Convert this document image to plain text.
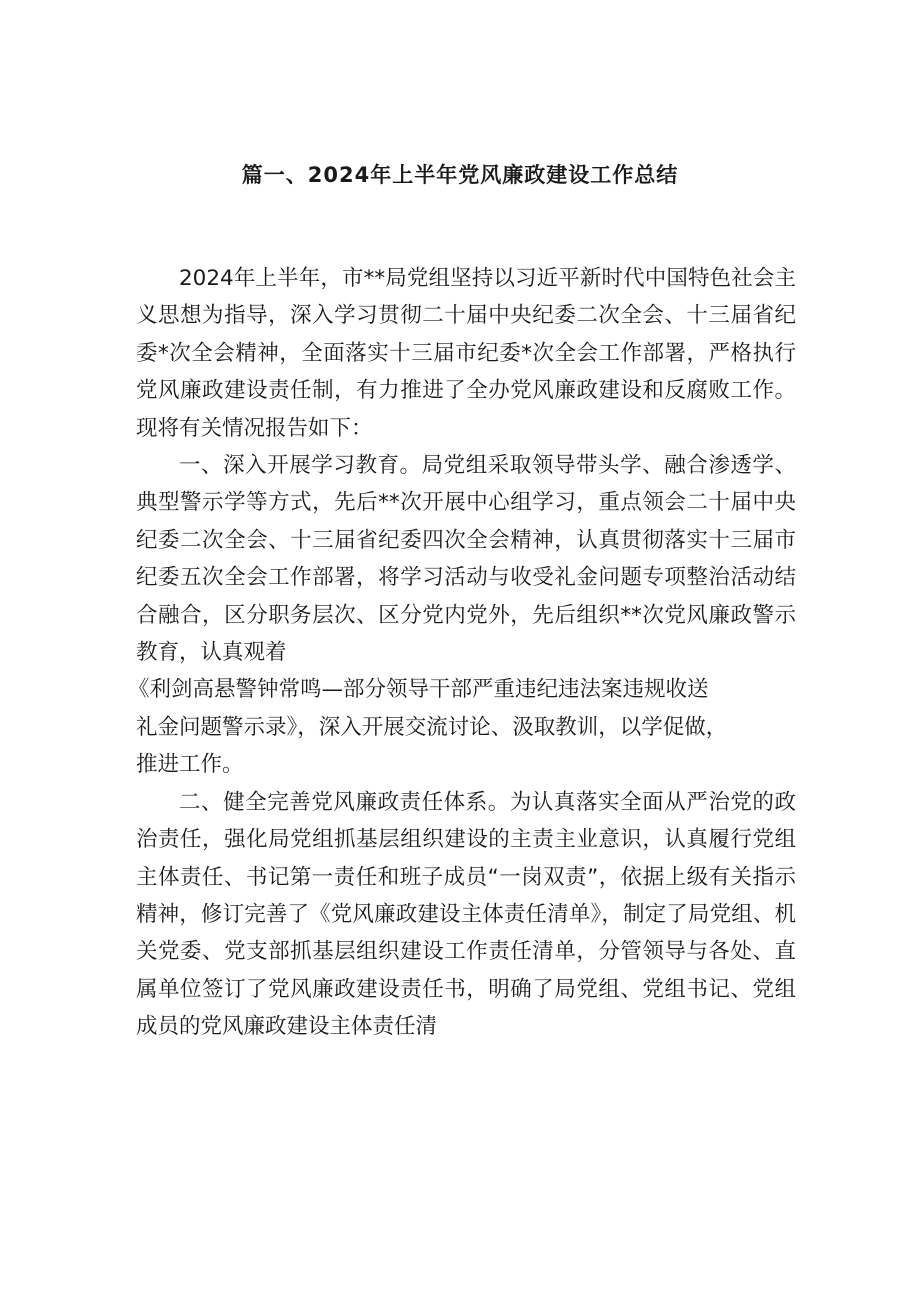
篇一、2024年上半年党风廉政建设工作总结

2024年上半年，市**局党组坚持以习近平新时代中国特色社会主义思想为指导，深入学习贯彻二十届中央纪委二次全会、十三届省纪委*次全会精神，全面落实十三届市纪委*次全会工作部署，严格执行党风廉政建设责任制，有力推进了全办党风廉政建设和反腐败工作。现将有关情况报告如下：

一、深入开展学习教育。局党组采取领导带头学、融合渗透学、典型警示学等方式，先后**次开展中心组学习，重点领会二十届中央纪委二次全会、十三届省纪委四次全会精神，认真贯彻落实十三届市纪委五次全会工作部署，将学习活动与收受礼金问题专项整治活动结合融合，区分职务层次、区分党内党外，先后组织**次党风廉政警示教育，认真观着
《利剑高悬警钟常鸣—部分领导干部严重违纪违法案违规收送
礼金问题警示录》，深入开展交流讨论、汲取教训，以学促做，
推进工作。

二、健全完善党风廉政责任体系。为认真落实全面从严治党的政治责任，强化局党组抓基层组织建设的主责主业意识，认真履行党组主体责任、书记第一责任和班子成员“一岗双责”，依据上级有关指示精神，修订完善了《党风廉政建设主体责任清单》，制定了局党组、机关党委、党支部抓基层组织建设工作责任清单，分管领导与各处、直属单位签订了党风廉政建设责任书，明确了局党组、党组书记、党组成员的党风廉政建设主体责任清
